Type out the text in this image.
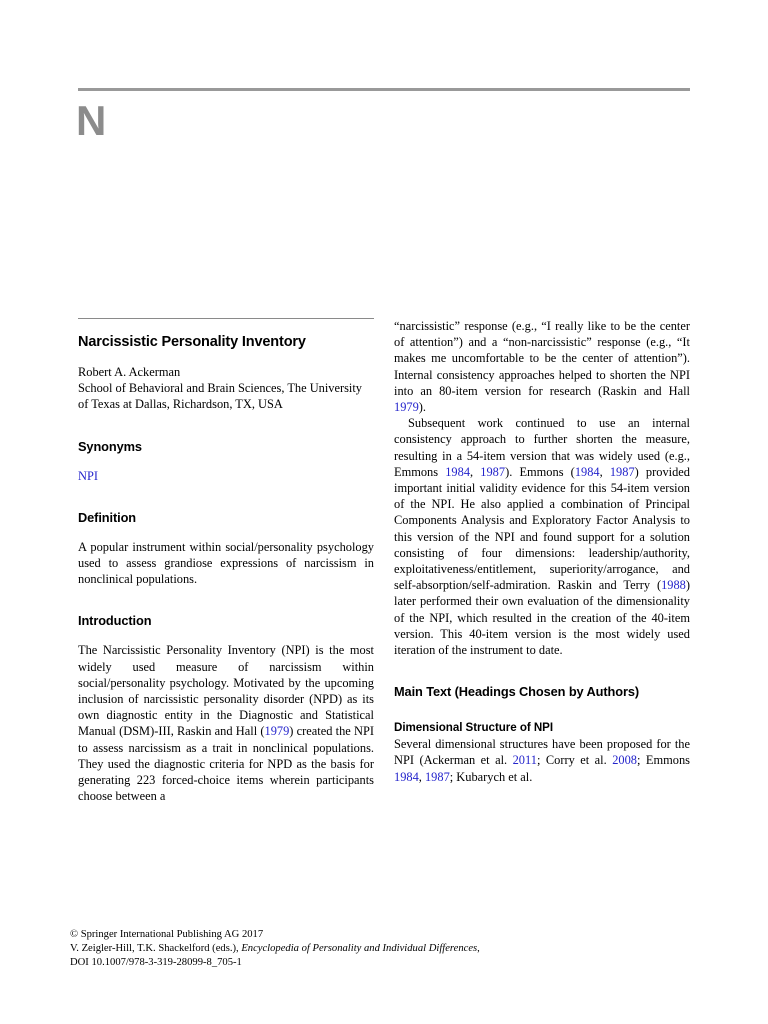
N
Narcissistic Personality Inventory
Robert A. Ackerman
School of Behavioral and Brain Sciences, The University of Texas at Dallas, Richardson, TX, USA
Synonyms

NPI

Definition

A popular instrument within social/personality psychology used to assess grandiose expressions of narcissism in nonclinical populations.

Introduction

The Narcissistic Personality Inventory (NPI) is the most widely used measure of narcissism within social/personality psychology. Motivated by the upcoming inclusion of narcissistic personality disorder (NPD) as its own diagnostic entity in the Diagnostic and Statistical Manual (DSM)-III, Raskin and Hall (1979) created the NPI to assess narcissism as a trait in nonclinical populations. They used the diagnostic criteria for NPD as the basis for generating 223 forced-choice items wherein participants choose between a

“narcissistic” response (e.g., “I really like to be the center of attention”) and a “non-narcissistic” response (e.g., “It makes me uncomfortable to be the center of attention”). Internal consistency approaches helped to shorten the NPI into an 80-item version for research (Raskin and Hall 1979).

Subsequent work continued to use an internal consistency approach to further shorten the measure, resulting in a 54-item version that was widely used (e.g., Emmons 1984, 1987). Emmons (1984, 1987) provided important initial validity evidence for this 54-item version of the NPI. He also applied a combination of Principal Components Analysis and Exploratory Factor Analysis to this version of the NPI and found support for a solution consisting of four dimensions: leadership/authority, exploitativeness/entitlement, superiority/arrogance, and self-absorption/self-admiration. Raskin and Terry (1988) later performed their own evaluation of the dimensionality of the NPI, which resulted in the creation of the 40-item version. This 40-item version is the most widely used iteration of the instrument to date.

Main Text (Headings Chosen by Authors)
Dimensional Structure of NPI

Several dimensional structures have been proposed for the NPI (Ackerman et al. 2011; Corry et al. 2008; Emmons 1984, 1987; Kubarych et al.

© Springer International Publishing AG 2017
V. Zeigler-Hill, T.K. Shackelford (eds.), Encyclopedia of Personality and Individual Differences,
DOI 10.1007/978-3-319-28099-8_705-1
